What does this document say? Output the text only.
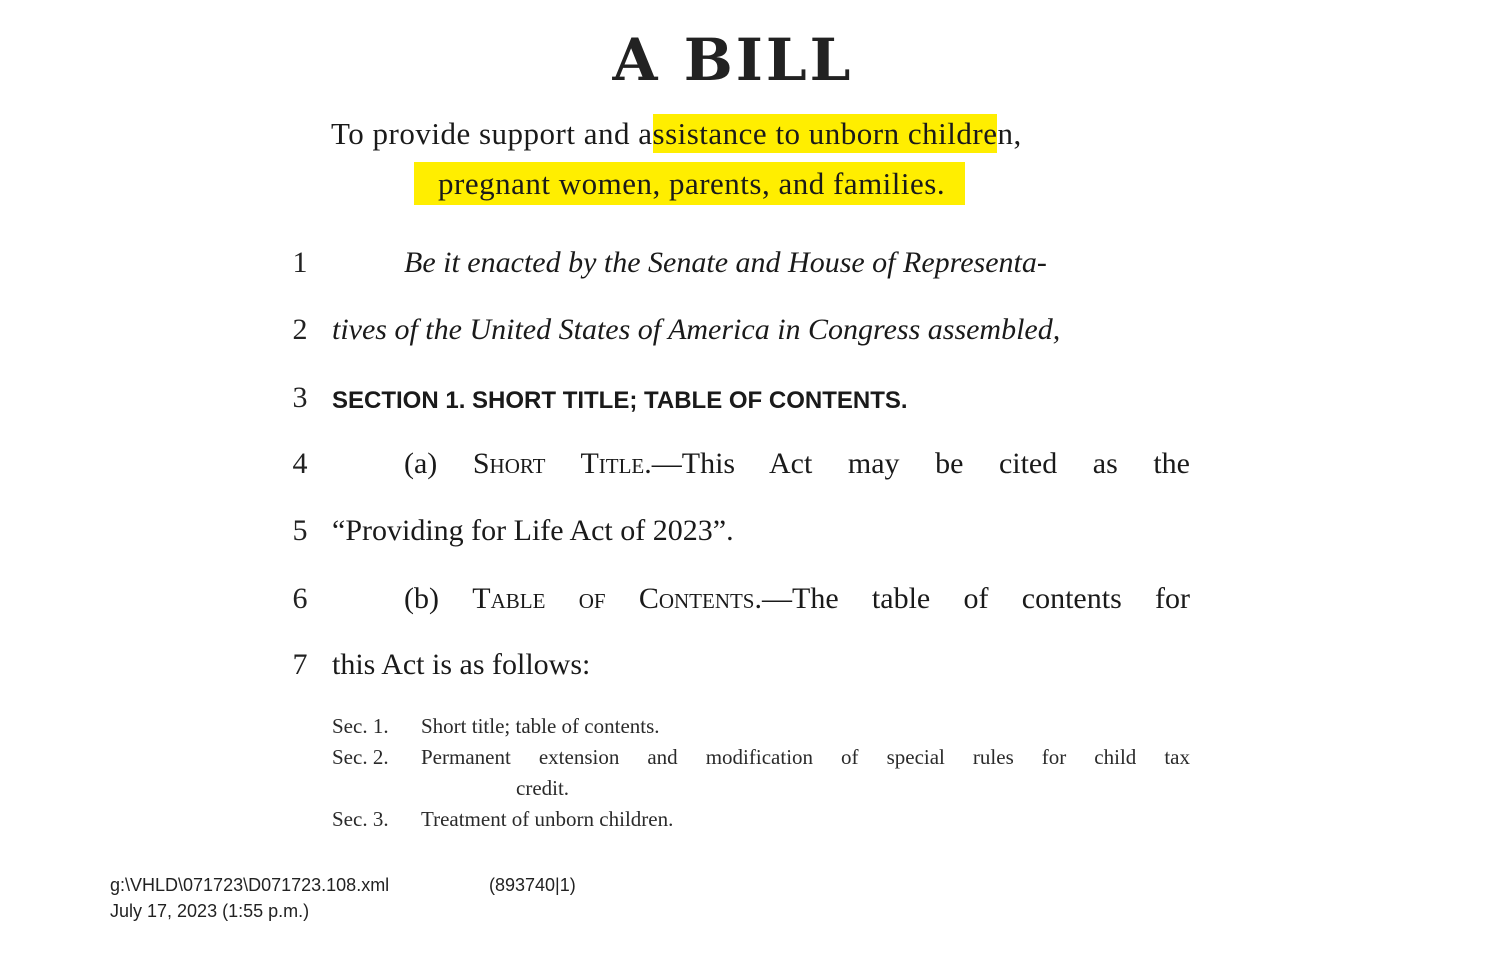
A BILL
To provide support and assistance to unborn children,
pregnant women, parents, and families.
1	Be it enacted by the Senate and House of Representa-
2 tives of the United States of America in Congress assembled,
3	SECTION 1. SHORT TITLE; TABLE OF CONTENTS.
4	(a) Short Title.—This Act may be cited as the
5 “Providing for Life Act of 2023”.
6	(b) Table of Contents.—The table of contents for
7 this Act is as follows:
Sec. 1. Short title; table of contents.
Sec. 2. Permanent extension and modification of special rules for child tax
credit.
Sec. 3. Treatment of unborn children.
g:\VHLD\071723\D071723.108.xml	(893740|1)
July 17, 2023 (1:55 p.m.)
